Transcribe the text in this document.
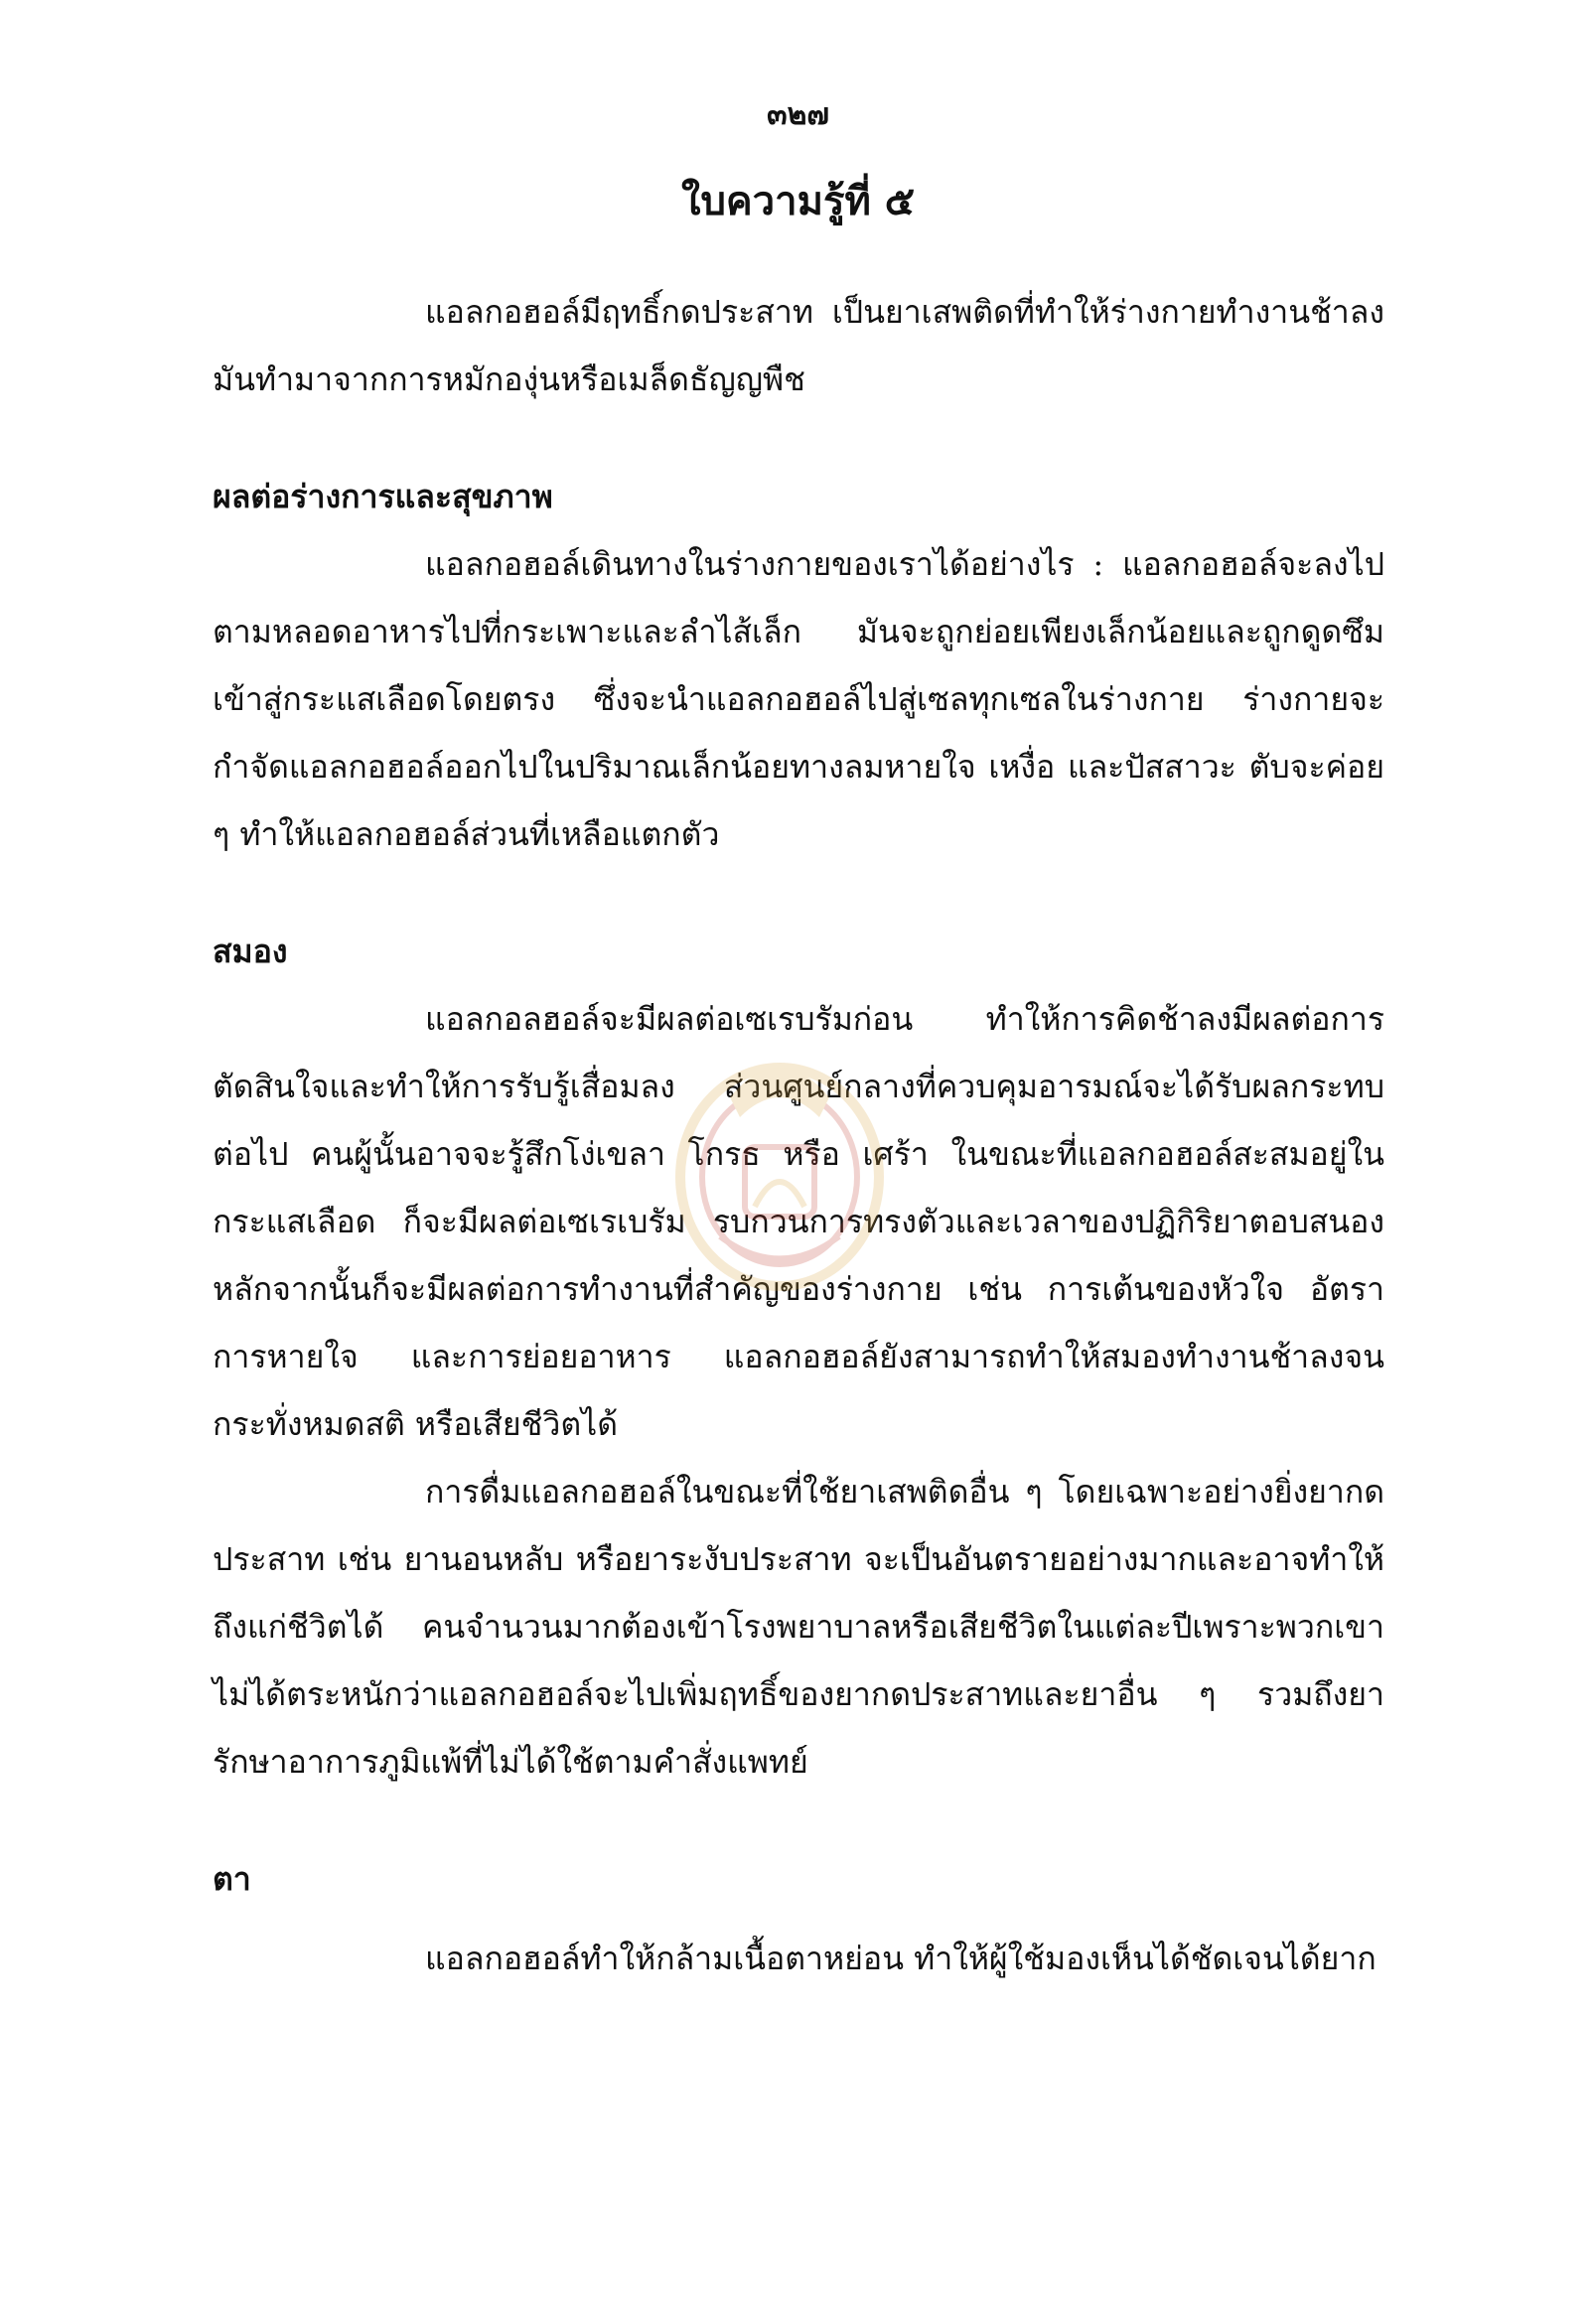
๓๒๗
ใบความรู้ที่ ๕

แอลกอฮอล์มีฤทธิ์กดประสาท เป็นยาเสพติดที่ทำให้ร่างกายทำงานช้าลง มันทำมาจากการหมักองุ่นหรือเมล็ดธัญญพืช

ผลต่อร่างการและสุขภาพ

แอลกอฮอล์เดินทางในร่างกายของเราได้อย่างไร : แอลกอฮอล์จะลงไปตามหลอดอาหารไปที่กระเพาะและลำไส้เล็ก มันจะถูกย่อยเพียงเล็กน้อยและถูกดูดซึมเข้าสู่กระแสเลือดโดยตรง ซึ่งจะนำแอลกอฮอล์ไปสู่เซลทุกเซลในร่างกาย ร่างกายจะกำจัดแอลกอฮอล์ออกไปในปริมาณเล็กน้อยทางลมหายใจ เหงื่อ และปัสสาวะ ตับจะค่อย ๆ ทำให้แอลกอฮอล์ส่วนที่เหลือแตกตัว

สมอง

แอลกอลฮอล์จะมีผลต่อเซเรบรัมก่อน ทำให้การคิดช้าลงมีผลต่อการตัดสินใจและทำให้การรับรู้เสื่อมลง ส่วนศูนย์กลางที่ควบคุมอารมณ์จะได้รับผลกระทบต่อไป คนผู้นั้นอาจจะรู้สึกโง่เขลา โกรธ หรือ เศร้า ในขณะที่แอลกอฮอล์สะสมอยู่ในกระแสเลือด ก็จะมีผลต่อเซเรเบรัม รบกวนการทรงตัวและเวลาของปฏิกิริยาตอบสนอง หลักจากนั้นก็จะมีผลต่อการทำงานที่สำคัญของร่างกาย เช่น การเต้นของหัวใจ อัตราการหายใจ และการย่อยอาหาร แอลกอฮอล์ยังสามารถทำให้สมองทำงานช้าลงจนกระทั่งหมดสติ หรือเสียชีวิตได้

การดื่มแอลกอฮอล์ในขณะที่ใช้ยาเสพติดอื่น ๆ โดยเฉพาะอย่างยิ่งยากดประสาท เช่น ยานอนหลับ หรือยาระงับประสาท จะเป็นอันตรายอย่างมากและอาจทำให้ถึงแก่ชีวิตได้ คนจำนวนมากต้องเข้าโรงพยาบาลหรือเสียชีวิตในแต่ละปีเพราะพวกเขาไม่ได้ตระหนักว่าแอลกอฮอล์จะไปเพิ่มฤทธิ์ของยากดประสาทและยาอื่น ๆ รวมถึงยารักษาอาการภูมิแพ้ที่ไม่ได้ใช้ตามคำสั่งแพทย์

ตา

แอลกอฮอล์ทำให้กล้ามเนื้อตาหย่อน ทำให้ผู้ใช้มองเห็นได้ชัดเจนได้ยาก
